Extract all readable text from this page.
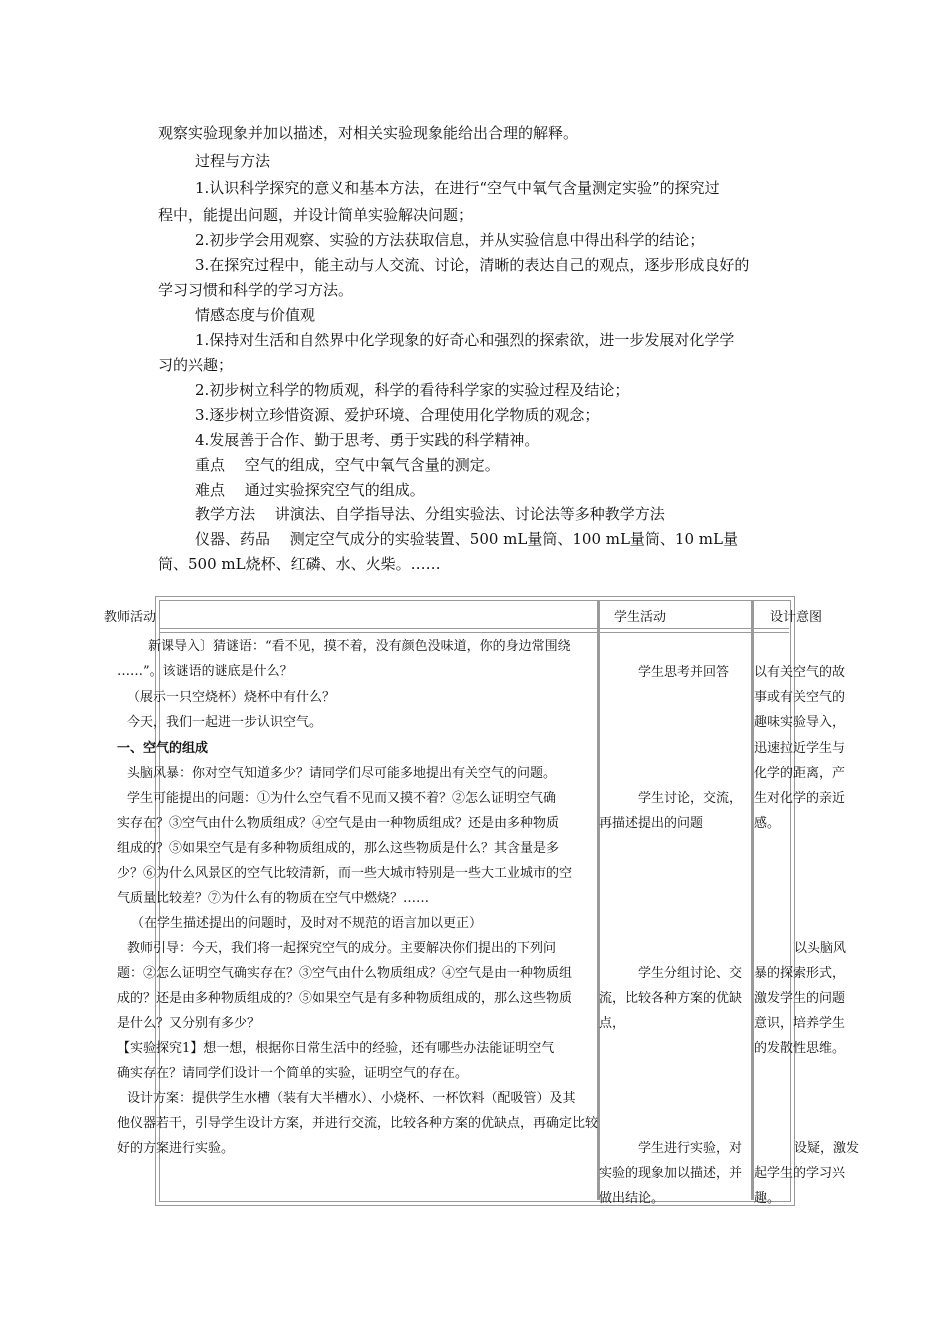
观察实验现象并加以描述，对相关实验现象能给出合理的解释。
过程与方法
1.认识科学探究的意义和基本方法，在进行“空气中氧气含量测定实验”的探究过
程中，能提出问题，并设计简单实验解决问题；
2.初步学会用观察、实验的方法获取信息，并从实验信息中得出科学的结论；
3.在探究过程中，能主动与人交流、讨论，清晰的表达自己的观点，逐步形成良好的
学习习惯和科学的学习方法。
情感态度与价值观
1.保持对生活和自然界中化学现象的好奇心和强烈的探索欲，进一步发展对化学学
习的兴趣；
2.初步树立科学的物质观，科学的看待科学家的实验过程及结论；
3.逐步树立珍惜资源、爱护环境、合理使用化学物质的观念；
4.发展善于合作、勤于思考、勇于实践的科学精神。
重点　 空气的组成，空气中氧气含量的测定。
难点　 通过实验探究空气的组成。
教学方法　 讲演法、自学指导法、分组实验法、讨论法等多种教学方法
仪器、药品　 测定空气成分的实验装置、500 mL量筒、100 mL量筒、10 mL量
筒、500 mL烧杯、红磷、水、火柴。……
教师活动	学生活动	设计意图
新课导入〕猜谜语：“看不见，摸不着，没有颜色没味道，你的身边常围绕
……”。该谜语的谜底是什么？
（展示一只空烧杯）烧杯中有什么？
今天，我们一起进一步认识空气。
一、空气的组成
头脑风暴：你对空气知道多少？请同学们尽可能多地提出有关空气的问题。
学生可能提出的问题：①为什么空气看不见而又摸不着？②怎么证明空气确
实存在？③空气由什么物质组成？④空气是由一种物质组成？还是由多种物质
组成的？⑤如果空气是有多种物质组成的，那么这些物质是什么？其含量是多
少？⑥为什么风景区的空气比较清新，而一些大城市特别是一些大工业城市的空
气质量比较差？⑦为什么有的物质在空气中燃烧？……
（在学生描述提出的问题时，及时对不规范的语言加以更正）
教师引导：今天，我们将一起探究空气的成分。主要解决你们提出的下列问
题：②怎么证明空气确实存在？③空气由什么物质组成？④空气是由一种物质组
成的？还是由多种物质组成的？⑤如果空气是有多种物质组成的，那么这些物质
是什么？又分别有多少？
【实验探究1】想一想，根据你日常生活中的经验，还有哪些办法能证明空气
确实存在？请同学们设计一个简单的实验，证明空气的存在。
设计方案：提供学生水槽（装有大半槽水）、小烧杯、一杯饮料（配吸管）及其
他仪器若干，引导学生设计方案，并进行交流，比较各种方案的优缺点，再确定比较
好的方案进行实验。
学生思考并回答
学生讨论，交流，
再描述提出的问题
学生分组讨论、交
流，比较各种方案的优缺
点，
学生进行实验，对
实验的现象加以描述，并
做出结论。
以有关空气的故
事或有关空气的
趣味实验导入，
迅速拉近学生与
化学的距离，产
生对化学的亲近
感。
以头脑风
暴的探索形式，
激发学生的问题
意识，培养学生
的发散性思维。
设疑，激发
起学生的学习兴
趣。
